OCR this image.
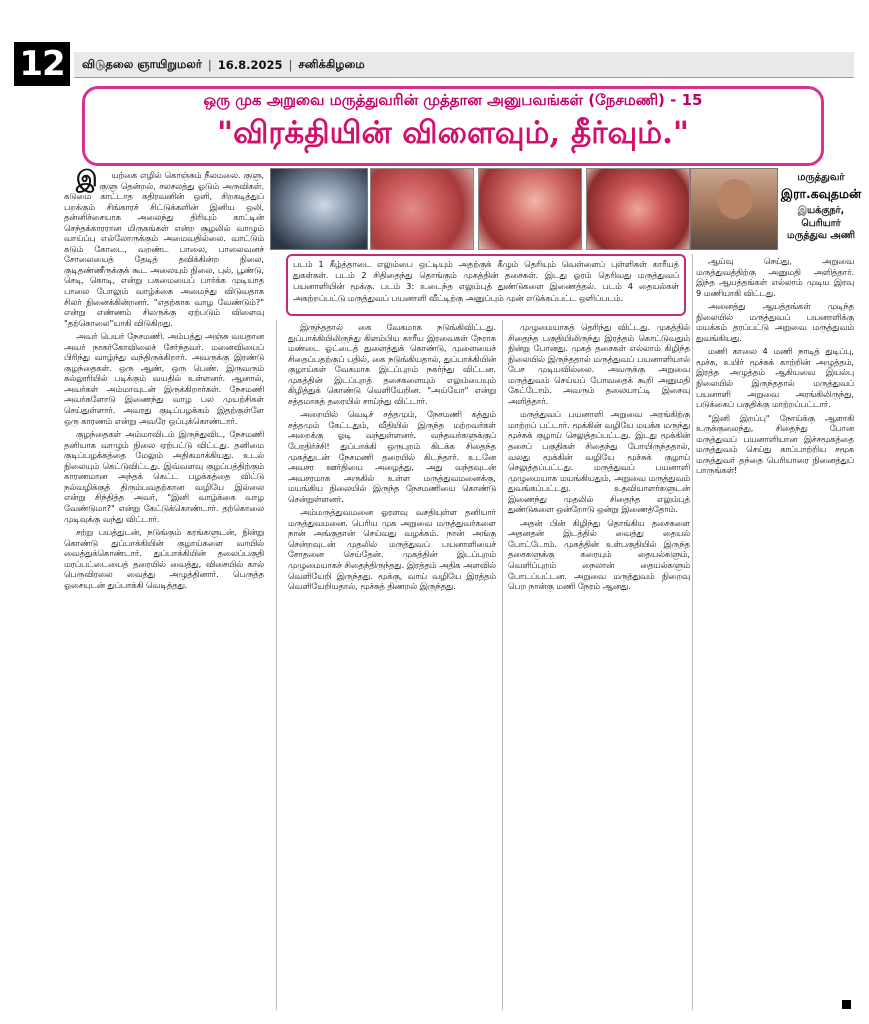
12	விடுதலை ஞாயிறுமலர் | 16.8.2025 | சனிக்கிழமை
ஒரு முக அறுவை மருத்துவரின் முத்தான அனுபவங்கள் (நேசமணி) - 15
"விரக்தியின் விளைவும், தீர்வும்."
மருத்துவர்
இரா.கவுதமன்
இயக்குநர்,
பெரியார் மருத்துவ அணி
படம் 1 கீழ்த்தாடை எலும்பை ஒட்டியும் அதற்குக் கீழும் தெரியும் வெள்ளைப் புள்ளிகள் காரீயத் துகள்கள். படம் 2 சிதிதைந்து தொங்கும் முகத்தின் தசைகள். இடது ஓரம் தெரிவது மருத்துவப் பயனாளியின் மூக்கு. படம் 3: உடைந்த எலும்புத் துண்டுகளை இணைத்தல். படம் 4 தையல்கள் அகற்றப்பட்டு மருத்துவப் பயனாளி வீட்டிற்கு அனுப்பும் முன் எடுக்கப்பட்ட ஒளிப்படம்.

இயற்கை எழில் கொஞ்சும் நீலமலை. குளு, குளு தென்றல், சலசலத்து ஓடும் அருவிகள். கடுமை காட்டாத கதிரவனின் ஒளி, சிறகடித்துப் பறக்கும் சிங்காரச் சிட்டுக்களின் இனிய ஒலி, தன்னிச்சையாக அலைந்து திரியும் காட்டின் செந்தக்காரரான மிருகங்கள் என்ற சூழலில் வாழும் வாய்ப்பு எல்லோருக்கும் அமைவதில்லை. வாட்டும் கடும் கோடை, வறண்ட பாலை, பாலைவனச் சோலையைத் தேடித் தவிக்கின்ற நிலை, குடிதண்ணீருக்குக் கூட அலையும் நிலை, புல், பூண்டு, செடி, கொடி, என்று பசுமையைப் பார்க்க முடியாத பாலை போலும் வாழ்க்கை அமைந்து விடுவதாக சிலர் நினைக்கின்றனர். "எதற்காக வாழ வேண்டும்?" என்று எண்ணம் சிலருக்கு ஏற்படும் விளைவு "தற்கொலை"யாகி விடுகிறது.

அவர் பெயர் நேசமணி. அம்பத்து அஞ்சு வயதான அவர் நாகர்கோவிலைச் சேர்ந்தவர். மனைவியைப் பிரிந்து வாழ்ந்து வந்திருக்கிறார். அவருக்கு இரண்டு குழந்தைகள். ஒரு ஆண், ஒரு பெண். இருவரும் கல்லூரியில் படிக்கும் வயதில் உள்ளனர். ஆனால், அவர்கள் அம்மாவுடன் இருக்கிறார்கள். நேசமணி அவர்களோடு இணைந்து வாழ பல முயற்சிகள் செய்துள்ளார். அவரது குடிப்பழக்கம் இதற்குள்ளே ஒரு காரணம் என்று அவரே ஒப்புக்கொண்டார்.

குழந்தைகள் அம்மாவிடம் இருந்துவிட, நேசமணி தனியாக வாழும் நிலை ஏற்பட்டு விட்டது. தனிமை குடிப்பழக்கத்தை மேலும் அதிகமாக்கியது. உடல் நிலையும் கெட்டுவிட்டது. இவ்வளவு குழப்பத்திற்கும் காரணமான அந்தக் கெட்ட பழக்கத்தை விட்டு நல்வழிக்குத் திரும்பவதற்கான வழியே இல்லை என்று சிந்தித்த அவர், "இனி வாழ்க்கை வாழ வேண்டுமா?" என்று கேட்டுக்கொண்டார். தற்கொலை முடிவுக்கு வந்து விட்டார்.

சற்று பயத்துடன், நடுங்கும் கரங்களுடன், நின்று கொண்டு துப்பாக்கியின் குழாய்களை வாயில் வைத்துக்கொண்டார். துப்பாக்கியின் தலைப்பகுதி மரப்பட்டையைத் தரையில் வைத்து, விசையில் கால் பெருவிரலை வைத்து அழுத்தினார். பெருத்த ஓசையுடன் துப்பாக்கி வெடித்தது.

இருந்ததால் கை வேகமாக நடுங்கிவிட்டது. துப்பாக்கியிலிருந்து கிளம்பிய காரீய இரவைகள் நேராக மண்டை ஓட்டைத் துளைத்துக் கொண்டு, முளையைச் சிதைப்பதற்குப் பதில், கை நடுங்கியதால், துப்பாக்கியின் குழாய்கள் வேகமாக இடப்புறம் நகர்ந்து விட்டன. முகத்தின் இடப்புறத் தசைகளையும் எலும்பையும் கிழித்துக் கொண்டு வெளியேறின. "அய்யோ" என்று சத்தமாகத் தரையில் சாய்ந்து விட்டார்.

அறையில் வெடிச் சத்தமும், நேசமணி கத்தும் சத்தமும் கேட்டதும், வீதியில் இருந்த மற்றவர்கள் அறைக்கு ஓடி வந்துள்ளனர். வந்தவர்களுக்குப் பேரதிர்ச்சி! துப்பாக்கி ஒருபுறம் கிடக்க சிதைந்த முகத்துடன் நேசமணி தரையில் கிடந்தார். உடனே அவசர ஊர்தியை அழைத்து, அது வந்தவுடன் அவசரமாக அருகில் உள்ள மருத்துவமனைக்கு, மயங்கிய நிலையில் இருந்த நேசமணியை கொண்டு சென்றுள்ளனர்.

அம்மருத்துவமனை ஓரளவு வசதியுள்ள தனியார் மருத்துவமனை. பெரிய முக அறுவை மருத்துவர்களை நான் அங்குதான் செய்வது வழக்கம். நான் அங்கு சென்றவுடன் முதலில் மருத்துவப் பயனாளியைச் சோதனை செய்தேன். முகத்தின் இடப்புறம் முழுமையாகச் சிதைந்திருந்தது. இரத்தம் அதிக அளவில் வெளியேறி இருந்தது. மூக்கு, வாய் வழியே இரத்தம் வெளியேறியதால், மூச்சுத் திணறல் இருந்தது.

முழுமையாகத் தெரிந்து விட்டது. முகத்தில் சிதைந்த பகுதியிலிருந்து இரத்தம் கொட்டுவதும் நின்று போனது. முகத் தசைகள் எல்லாம் கிழிந்த நிலையில் இருந்ததால் மருத்துவப் பயனாளியால் பேச முடியவில்லை. அவருக்கு அறுவை மருத்துவம் செய்யப் போவதைக் கூறி அனுமதி கேட்டோம். அவரும் தலையாட்டி இசைவு அளித்தார்.

மருத்துவப் பயனாளி அறுவை அரங்கிற்கு மாற்றப் பட்டார். மூக்கின் வழியே மயக்க மருந்து மூச்சுக் குழாய் செலுத்தப்பட்டது. இடது மூக்கின் தசைப் பகுதிகள் சிதைந்து போயிருந்ததால், வலது மூக்கின் வழியே மூச்சுக் குழாய் செலுத்தப்பட்டது. மருத்துவப் பயனாளி முழுமையாக மயங்கியதும், அறுவை மருத்துவம் துவங்கப்பட்டது. உதவியாளர்களுடன் இணைந்து முதலில் சிதைந்த எலும்புத் துண்டுகளை ஒன்றோடு ஒன்று இணைத்தோம்.

அதன் பின் கிழிந்து தொங்கிய தசைகளை அதனதன் இடத்தில் வைத்து தையல் போட்டோம். முகத்தின் உள்பகுதியில் இருந்த தசைகளுக்கு கரையும் தையல்களும், வெளிப்புறம் நைலான் தையல்களும் போடப்பட்டன. அறுவை மருத்துவம் நிறைவு பெற நான்கு மணி நேரம் ஆனது.

ஆய்வு செய்து, அறுவை மருத்துவத்திற்கு அனுமதி அளித்தார். இந்த ஆயத்தங்கள் எல்லாம் முடிய இரவு 9 மணியாகி விட்டது.

அனைத்து ஆயத்தங்கள் முடிந்த நிலையில் மருத்துவப் பயனாளிக்கு மயக்கம் தரப்பட்டு அறுவை மருத்துவம் துவங்கியது.

மணி காலை 4 மணி நாடித் துடிப்பு, மூச்சு, உயிர் மூச்சுக் காற்றின் அழுத்தம், இரத்த அழுத்தம் ஆகியவை இயல்பு நிலையில் இருந்ததால் மருத்துவப் பயனாளி அறுவை அரங்கிலிருந்து, படுக்கைப் பகுதிக்கு மாற்றப்பட்டார்.

"இனி இறப்பு" நோய்க்கு ஆளாகி உருக்குலைந்து, சிதைந்து போன மருத்துவப் பயனாளியான இச்சமூகத்தை மருத்துவம் செய்து காப்பாற்றிய சமூக மருத்துவர் தந்தை பெரியாரை நினைத்துப் பாருங்கள்!
